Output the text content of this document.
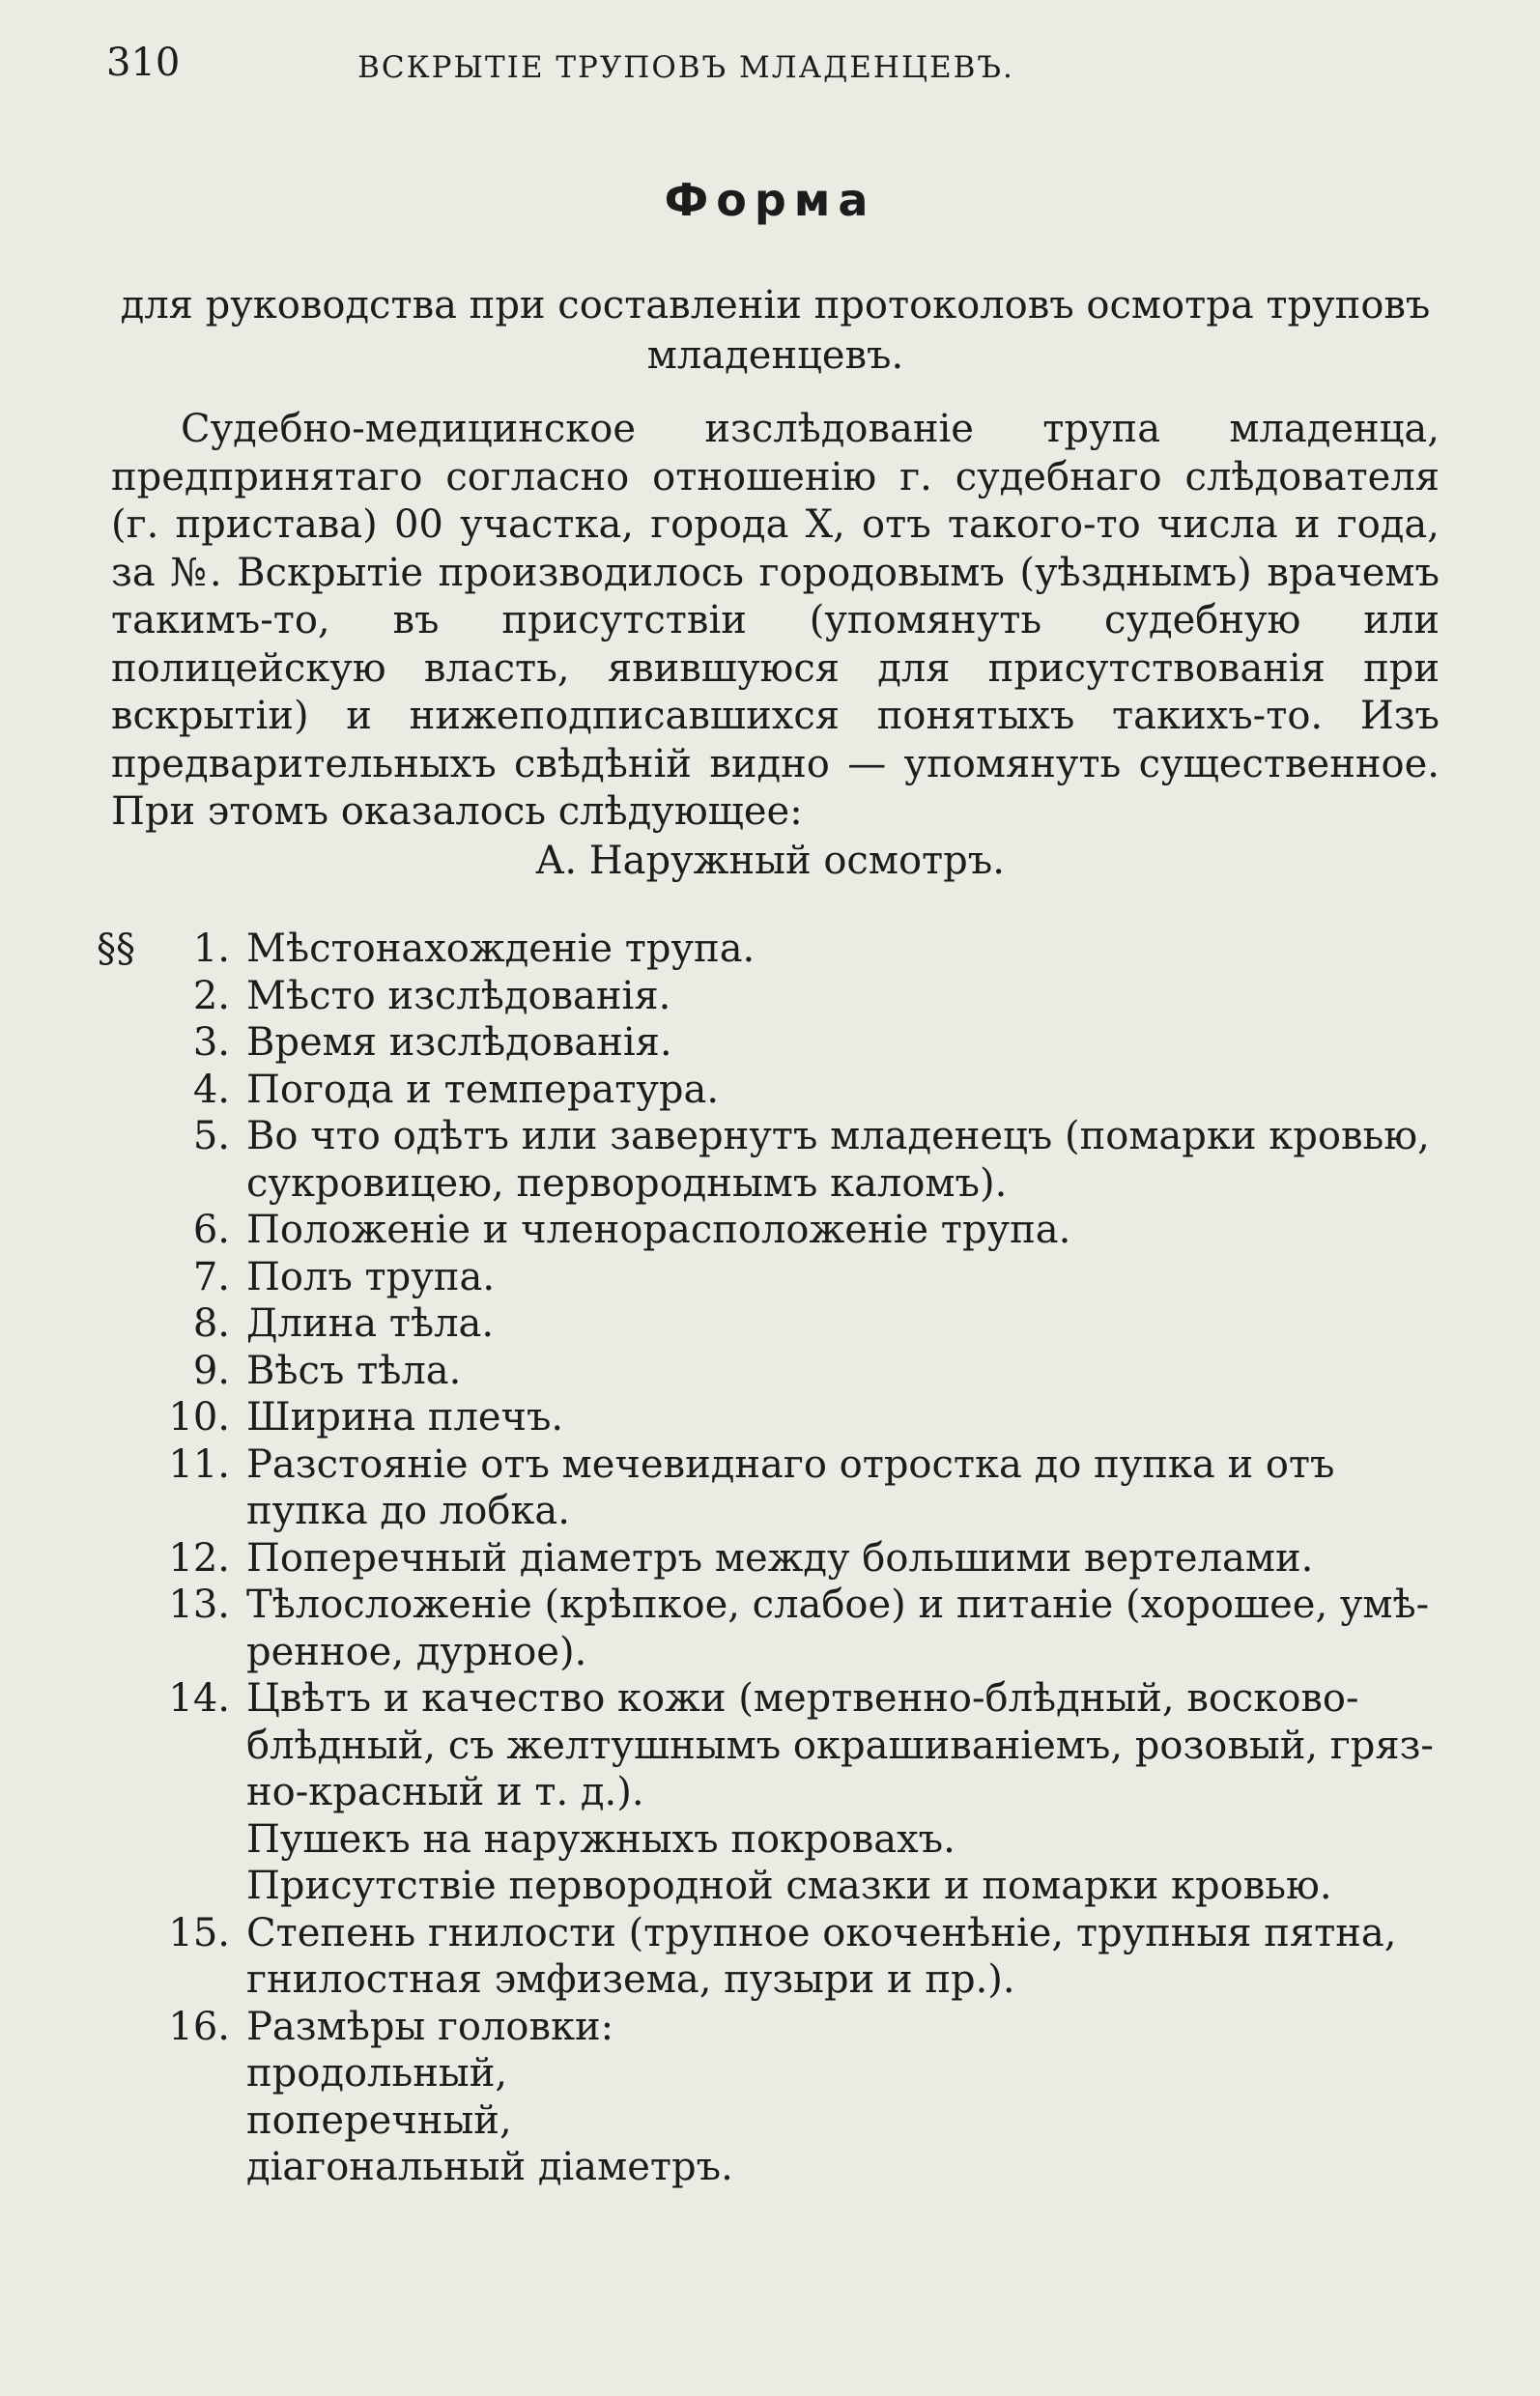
310	ВСКРЫТІЕ ТРУПОВЪ МЛАДЕНЦЕВЪ.
Форма
для руководства при составленіи протоколовъ осмотра труповъ
младенцевъ.
Судебно-медицинское изслѣдованіе трупа младенца, предпринятаго согласно отношенію г. судебнаго слѣдователя (г. пристава) 00 участка, города X, отъ такого-то числа и года, за №. Вскрытіе производилось городовымъ (уѣзднымъ) врачемъ такимъ-то, въ присутствіи (упомянуть судебную или полицейскую власть, явившуюся для присутствованія при вскрытіи) и нижеподписавшихся понятыхъ такихъ-то. Изъ предварительныхъ свѣдѣній видно — упомянуть существенное. При этомъ оказалось слѣдующее:
А. Наружный осмотръ.
§§	1. Мѣстонахожденіе трупа.
2. Мѣсто изслѣдованія.
3. Время изслѣдованія.
4. Погода и температура.
5. Во что одѣтъ или завернутъ младенецъ (помарки кровью,
сукровицею, первороднымъ каломъ).
6. Положеніе и членорасположеніе трупа.
7. Полъ трупа.
8. Длина тѣла.
9. Вѣсъ тѣла.
10. Ширина плечъ.
11. Разстояніе отъ мечевиднаго отростка до пупка и отъ
пупка до лобка.
12. Поперечный діаметръ между большими вертелами.
13. Тѣлосложеніе (крѣпкое, слабое) и питаніе (хорошее, умѣ-
ренное, дурное).
14. Цвѣтъ и качество кожи (мертвенно-блѣдный, восково-
блѣдный, съ желтушнымъ окрашиваніемъ, розовый, гряз-
но-красный и т. д.).
Пушекъ на наружныхъ покровахъ.
Присутствіе первородной смазки и помарки кровью.
15. Степень гнилости (трупное окоченѣніе, трупныя пятна,
гнилостная эмфизема, пузыри и пр.).
16. Размѣры головки:
продольный,
поперечный,
діагональный діаметръ.
